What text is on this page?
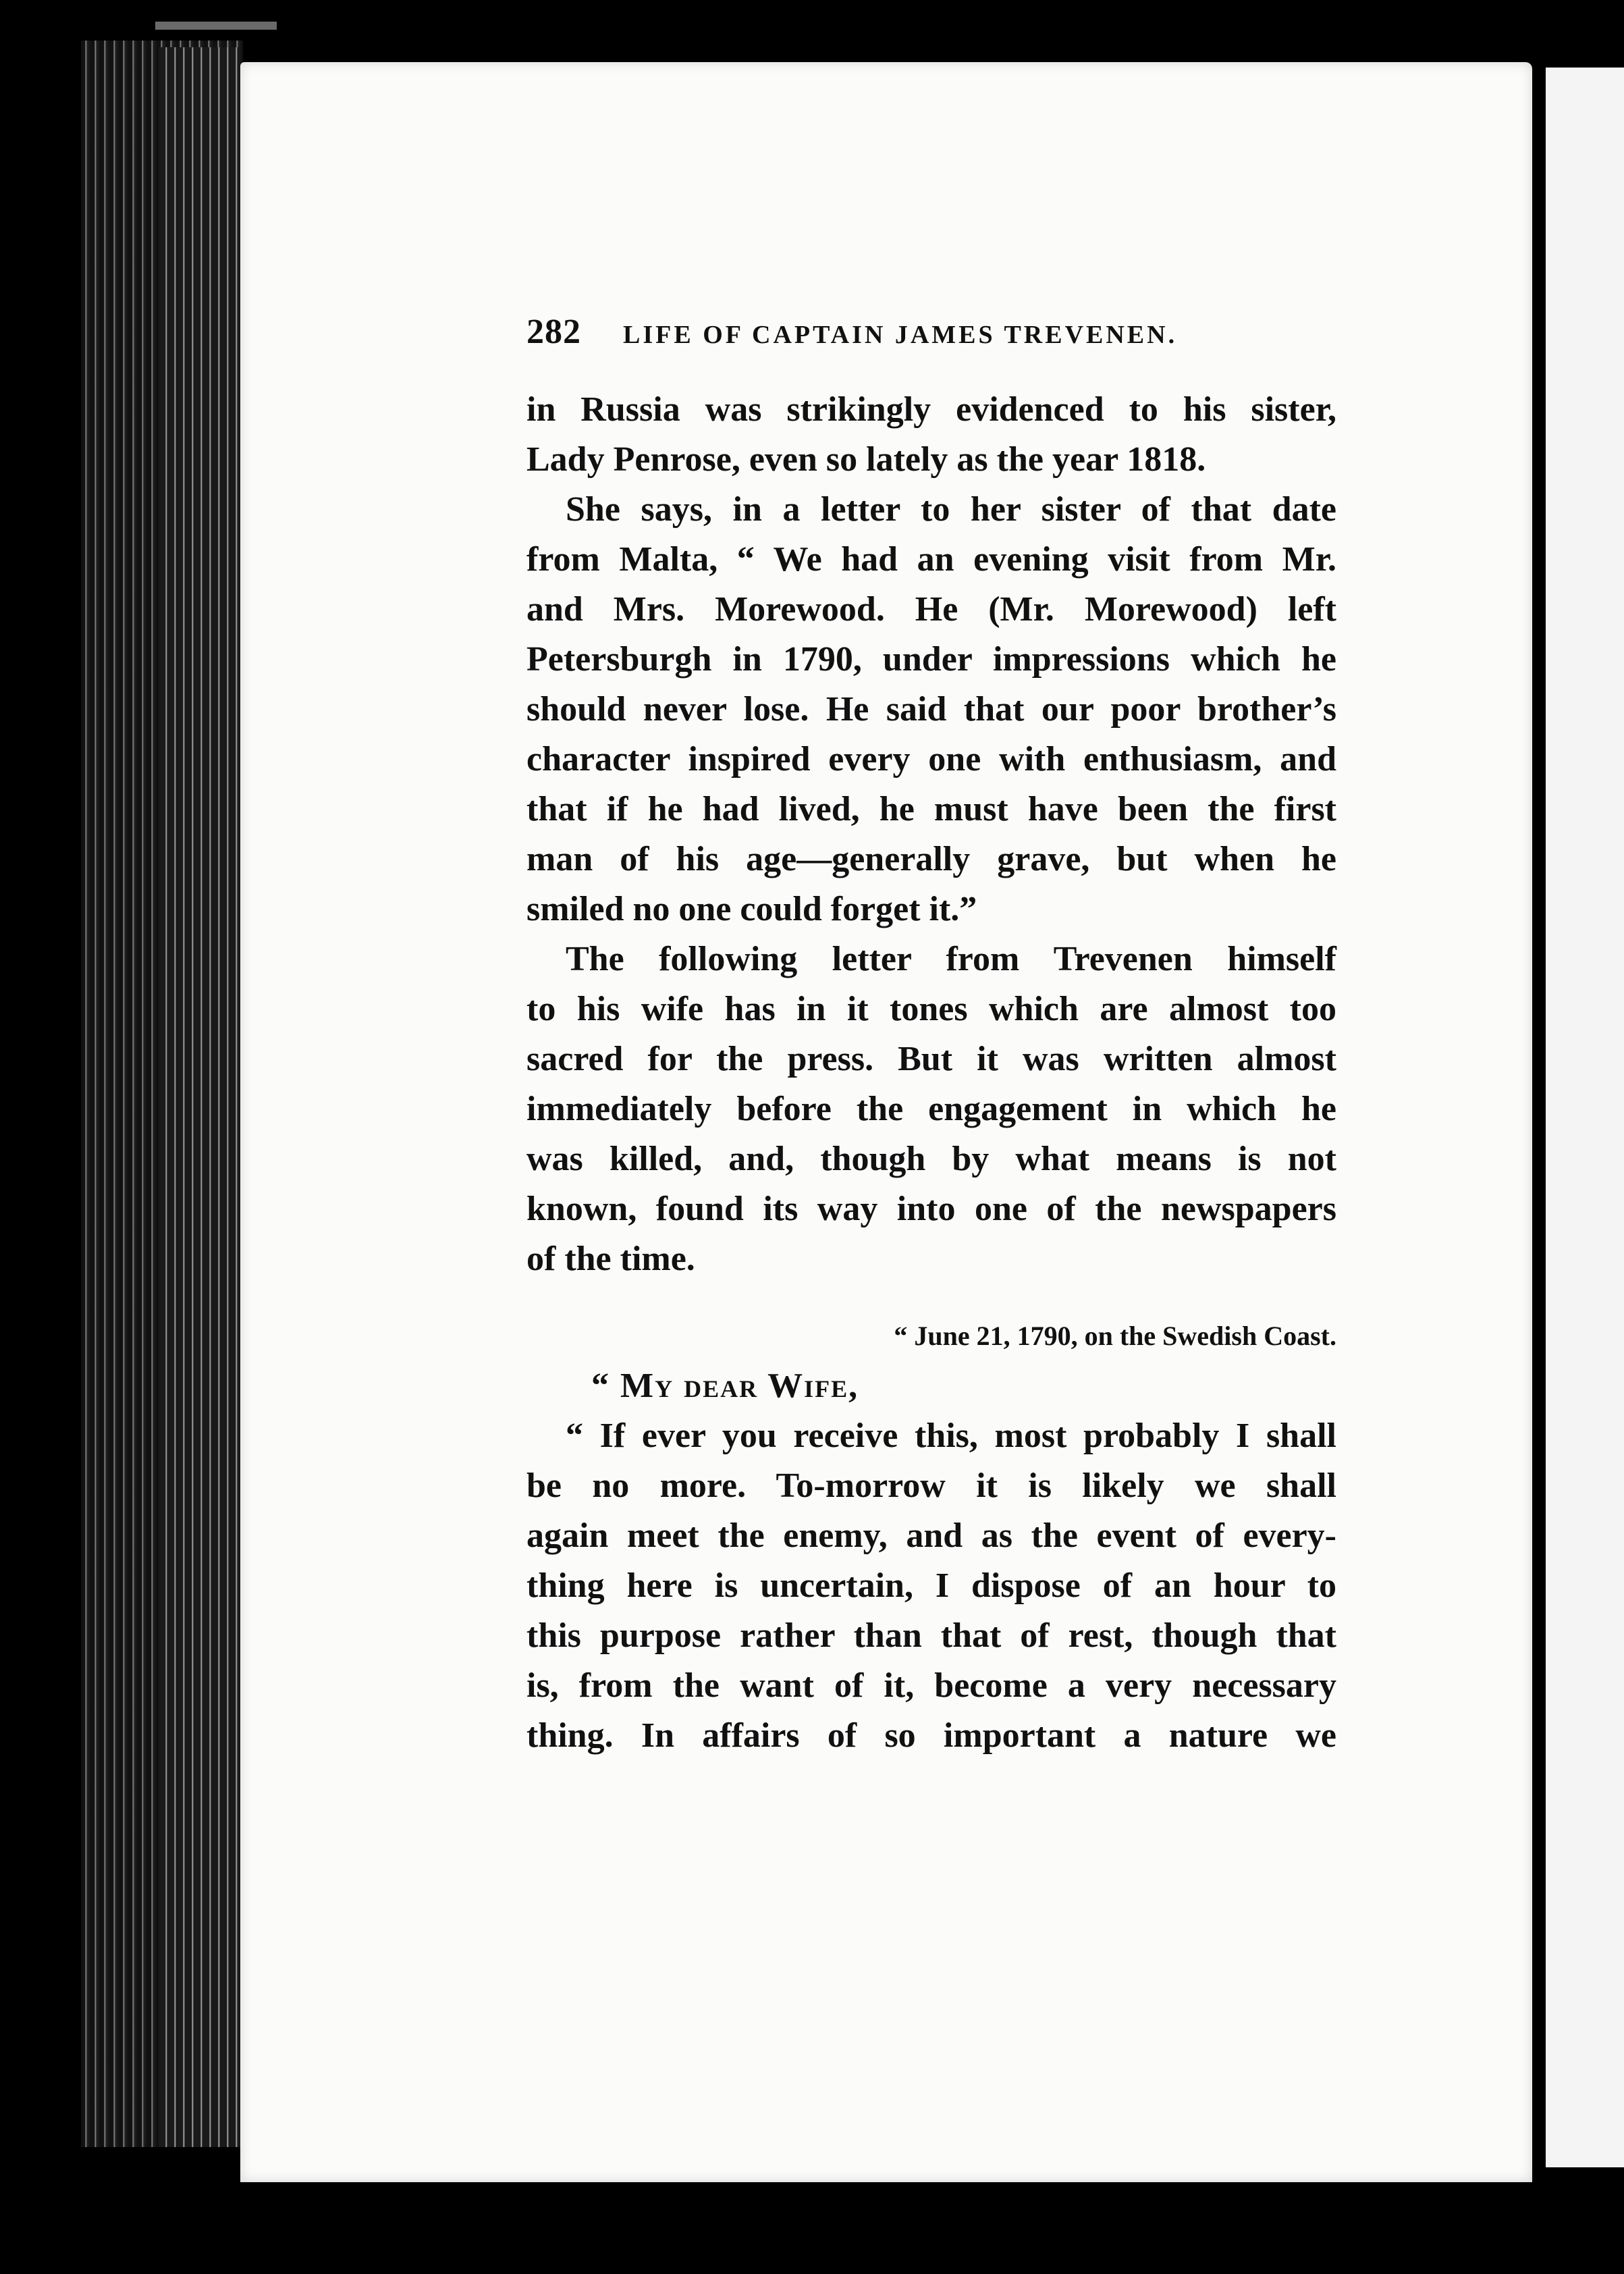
282 LIFE OF CAPTAIN JAMES TREVENEN.
in Russia was strikingly evidenced to his sister,
Lady Penrose, even so lately as the year 1818.
She says, in a letter to her sister of that date
from Malta, “ We had an evening visit from Mr.
and Mrs. Morewood. He (Mr. Morewood) left
Petersburgh in 1790, under impressions which he
should never lose. He said that our poor brother’s
character inspired every one with enthusiasm, and
that if he had lived, he must have been the first
man of his age—generally grave, but when he
smiled no one could forget it.”
The following letter from Trevenen himself
to his wife has in it tones which are almost too
sacred for the press. But it was written almost
immediately before the engagement in which he
was killed, and, though by what means is not
known, found its way into one of the newspapers
of the time.
“ June 21, 1790, on the Swedish Coast.
“ My dear Wife,
“ If ever you receive this, most probably I shall
be no more. To-morrow it is likely we shall
again meet the enemy, and as the event of every-
thing here is uncertain, I dispose of an hour to
this purpose rather than that of rest, though that
is, from the want of it, become a very necessary
thing. In affairs of so important a nature we
